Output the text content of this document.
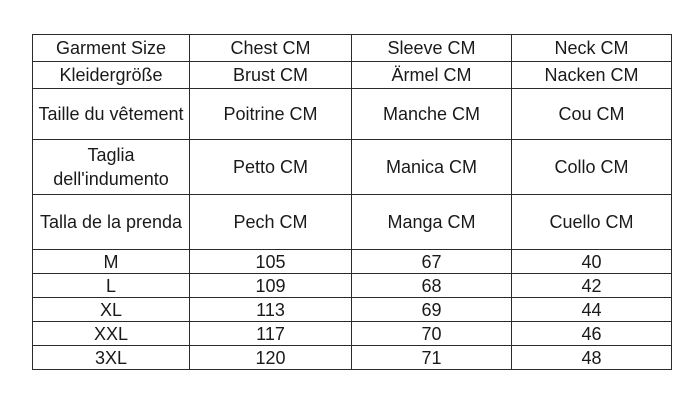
Garment Size	Chest CM	Sleeve CM	Neck CM
Kleidergröße	Brust CM	Ärmel CM	Nacken CM
Taille du vêtement	Poitrine CM	Manche CM	Cou CM
Taglia dell'indumento	Petto CM	Manica CM	Collo CM
Talla de la prenda	Pech CM	Manga CM	Cuello CM
M	105	67	40
L	109	68	42
XL	113	69	44
XXL	117	70	46
3XL	120	71	48
